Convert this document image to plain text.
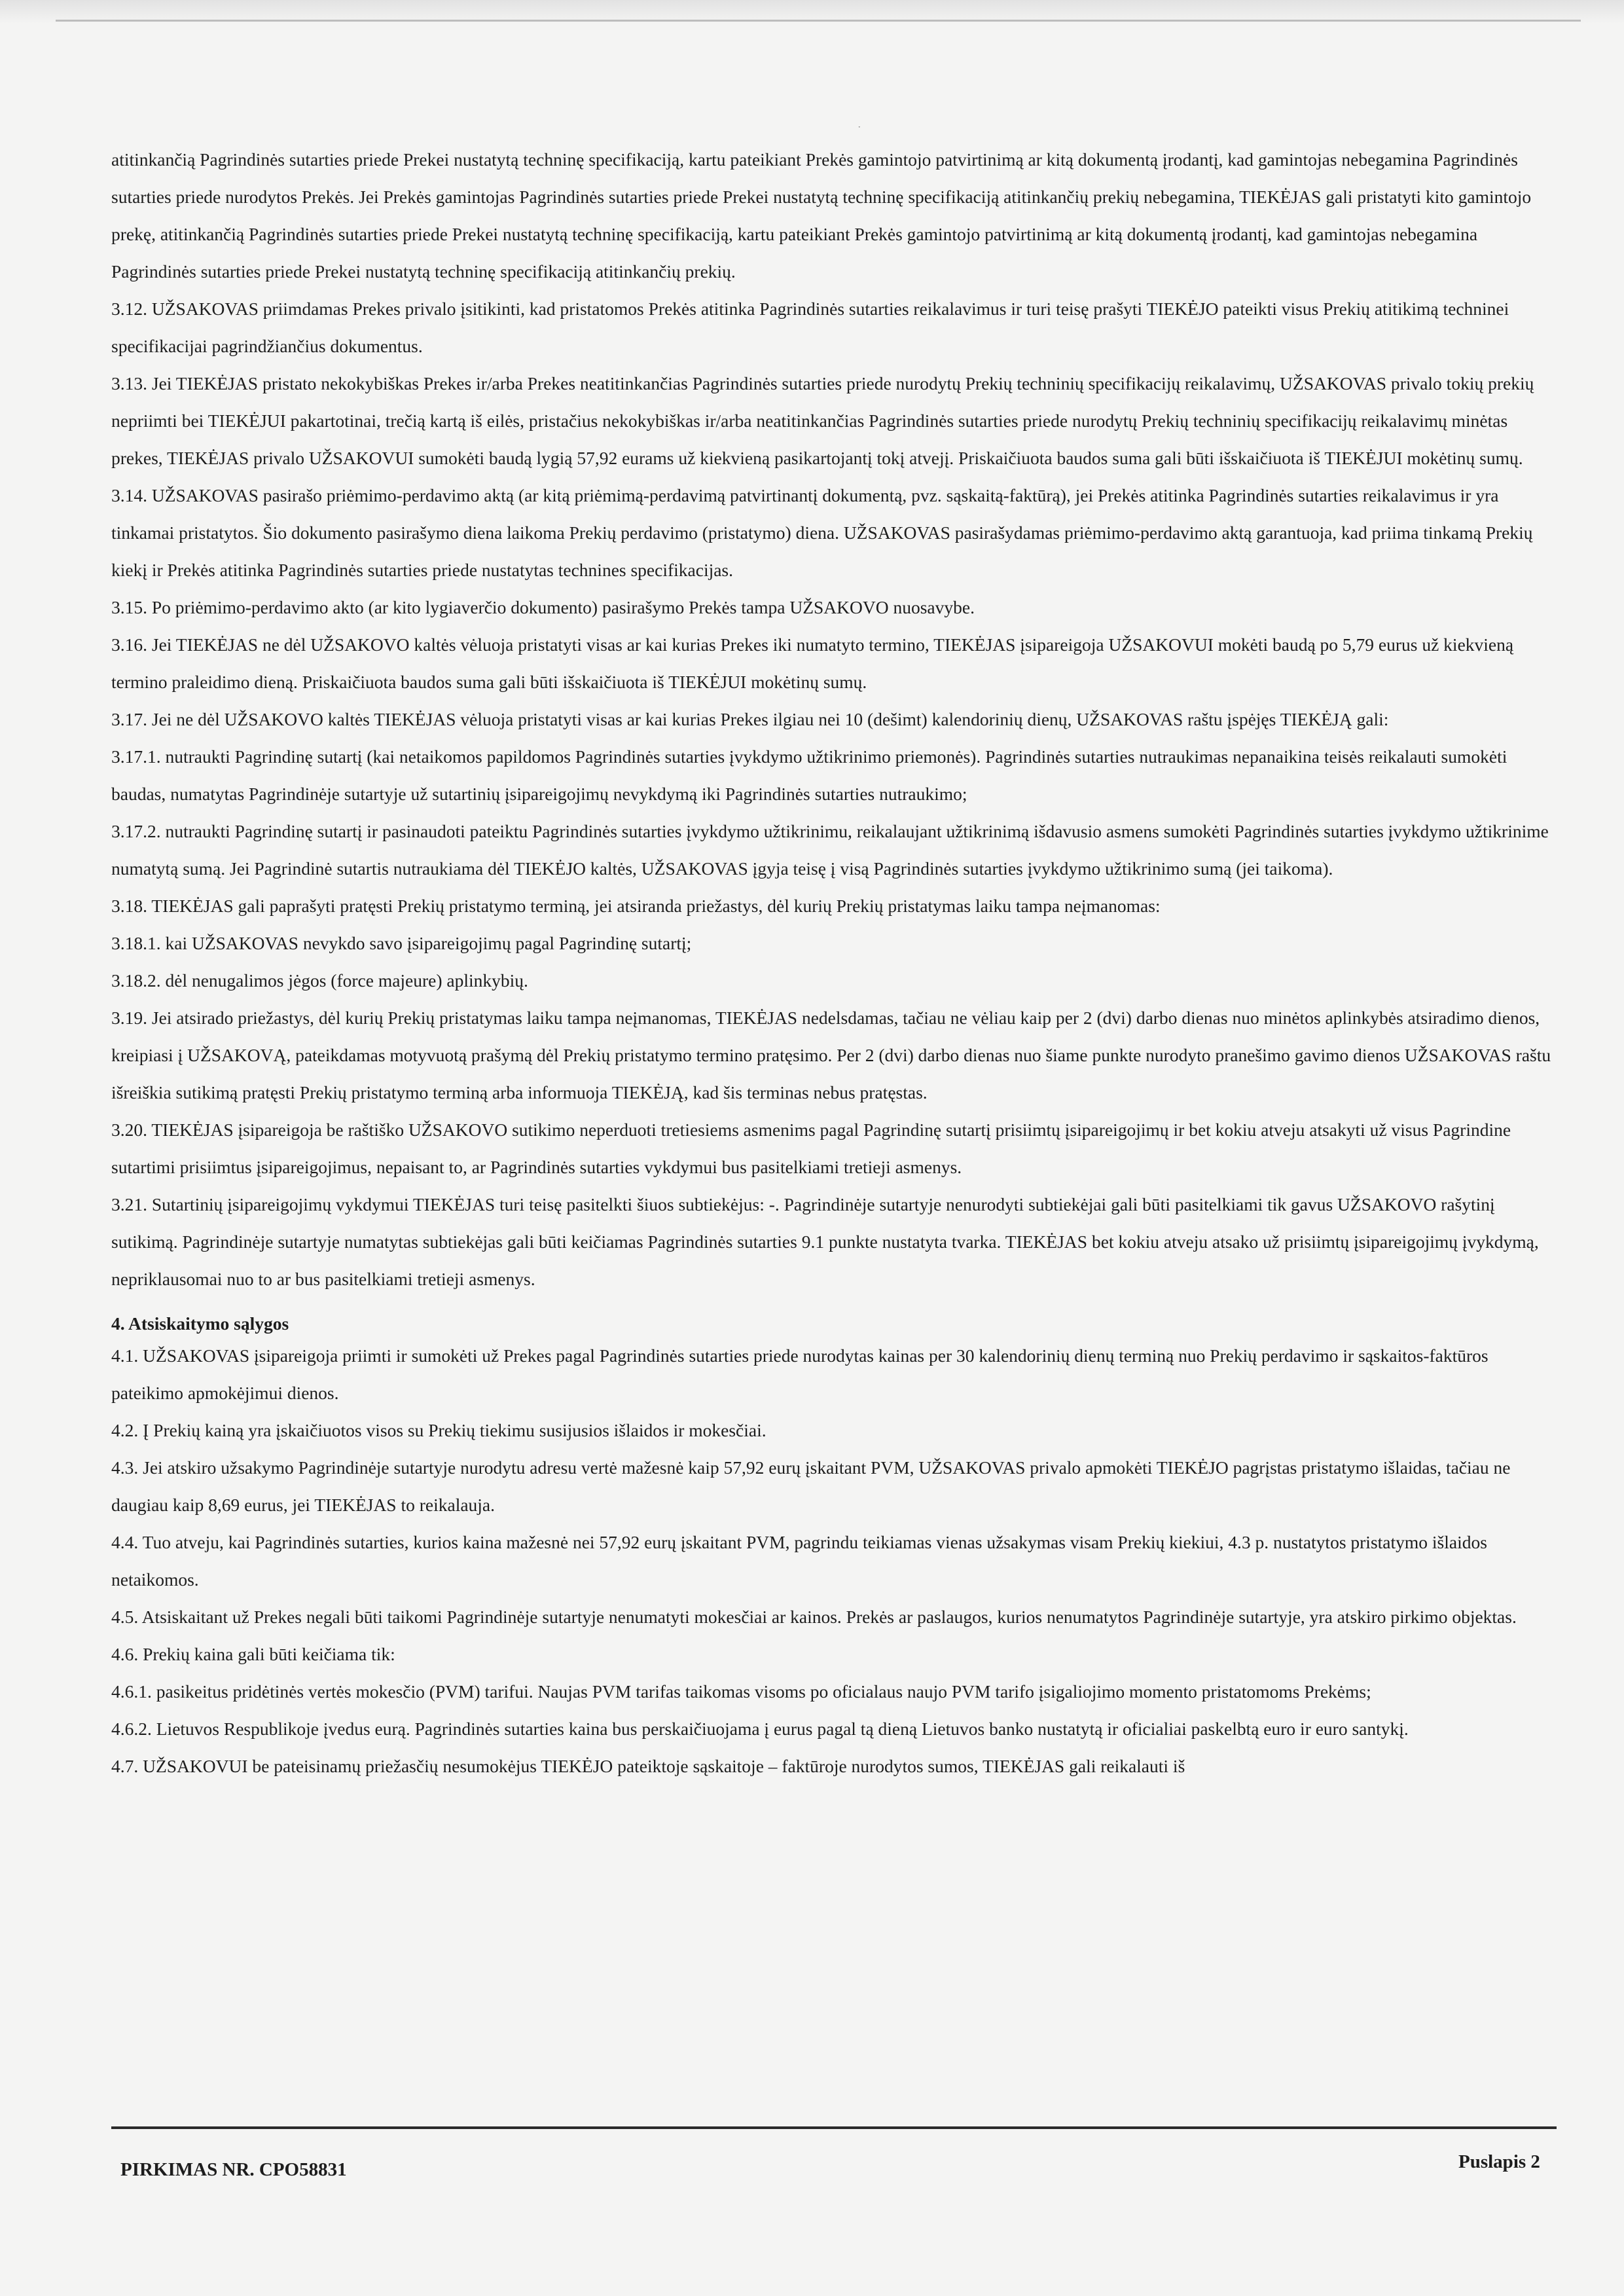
ˑ

atitinkančią Pagrindinės sutarties priede Prekei nustatytą techninę specifikaciją, kartu pateikiant Prekės gamintojo patvirtinimą ar kitą dokumentą įrodantį, kad gamintojas nebegamina Pagrindinės sutarties priede nurodytos Prekės. Jei Prekės gamintojas Pagrindinės sutarties priede Prekei nustatytą techninę specifikaciją atitinkančių prekių nebegamina, TIEKĖJAS gali pristatyti kito gamintojo prekę, atitinkančią Pagrindinės sutarties priede Prekei nustatytą techninę specifikaciją, kartu pateikiant Prekės gamintojo patvirtinimą ar kitą dokumentą įrodantį, kad gamintojas nebegamina Pagrindinės sutarties priede Prekei nustatytą techninę specifikaciją atitinkančių prekių.

3.12. UŽSAKOVAS priimdamas Prekes privalo įsitikinti, kad pristatomos Prekės atitinka Pagrindinės sutarties reikalavimus ir turi teisę prašyti TIEKĖJO pateikti visus Prekių atitikimą techninei specifikacijai pagrindžiančius dokumentus.

3.13. Jei TIEKĖJAS pristato nekokybiškas Prekes ir/arba Prekes neatitinkančias Pagrindinės sutarties priede nurodytų Prekių techninių specifikacijų reikalavimų, UŽSAKOVAS privalo tokių prekių nepriimti bei TIEKĖJUI pakartotinai, trečią kartą iš eilės, pristačius nekokybiškas ir/arba neatitinkančias Pagrindinės sutarties priede nurodytų Prekių techninių specifikacijų reikalavimų minėtas prekes, TIEKĖJAS privalo UŽSAKOVUI sumokėti baudą lygią 57,92 eurams už kiekvieną pasikartojantį tokį atvejį. Priskaičiuota baudos suma gali būti išskaičiuota iš TIEKĖJUI mokėtinų sumų.

3.14. UŽSAKOVAS pasirašo priėmimo-perdavimo aktą (ar kitą priėmimą-perdavimą patvirtinantį dokumentą, pvz. sąskaitą-faktūrą), jei Prekės atitinka Pagrindinės sutarties reikalavimus ir yra tinkamai pristatytos. Šio dokumento pasirašymo diena laikoma Prekių perdavimo (pristatymo) diena. UŽSAKOVAS pasirašydamas priėmimo-perdavimo aktą garantuoja, kad priima tinkamą Prekių kiekį ir Prekės atitinka Pagrindinės sutarties priede nustatytas technines specifikacijas.

3.15. Po priėmimo-perdavimo akto (ar kito lygiaverčio dokumento) pasirašymo Prekės tampa UŽSAKOVO nuosavybe.

3.16. Jei TIEKĖJAS ne dėl UŽSAKOVO kaltės vėluoja pristatyti visas ar kai kurias Prekes iki numatyto termino, TIEKĖJAS įsipareigoja UŽSAKOVUI mokėti baudą po 5,79 eurus už kiekvieną termino praleidimo dieną. Priskaičiuota baudos suma gali būti išskaičiuota iš TIEKĖJUI mokėtinų sumų.

3.17. Jei ne dėl UŽSAKOVO kaltės TIEKĖJAS vėluoja pristatyti visas ar kai kurias Prekes ilgiau nei 10 (dešimt) kalendorinių dienų, UŽSAKOVAS raštu įspėjęs TIEKĖJĄ gali:

3.17.1. nutraukti Pagrindinę sutartį (kai netaikomos papildomos Pagrindinės sutarties įvykdymo užtikrinimo priemonės). Pagrindinės sutarties nutraukimas nepanaikina teisės reikalauti sumokėti baudas, numatytas Pagrindinėje sutartyje už sutartinių įsipareigojimų nevykdymą iki Pagrindinės sutarties nutraukimo;

3.17.2. nutraukti Pagrindinę sutartį ir pasinaudoti pateiktu Pagrindinės sutarties įvykdymo užtikrinimu, reikalaujant užtikrinimą išdavusio asmens sumokėti Pagrindinės sutarties įvykdymo užtikrinime numatytą sumą. Jei Pagrindinė sutartis nutraukiama dėl TIEKĖJO kaltės, UŽSAKOVAS įgyja teisę į visą Pagrindinės sutarties įvykdymo užtikrinimo sumą (jei taikoma).

3.18. TIEKĖJAS gali paprašyti pratęsti Prekių pristatymo terminą, jei atsiranda priežastys, dėl kurių Prekių pristatymas laiku tampa neįmanomas:

3.18.1. kai UŽSAKOVAS nevykdo savo įsipareigojimų pagal Pagrindinę sutartį;

3.18.2. dėl nenugalimos jėgos (force majeure) aplinkybių.

3.19. Jei atsirado priežastys, dėl kurių Prekių pristatymas laiku tampa neįmanomas, TIEKĖJAS nedelsdamas, tačiau ne vėliau kaip per 2 (dvi) darbo dienas nuo minėtos aplinkybės atsiradimo dienos, kreipiasi į UŽSAKOVĄ, pateikdamas motyvuotą prašymą dėl Prekių pristatymo termino pratęsimo. Per 2 (dvi) darbo dienas nuo šiame punkte nurodyto pranešimo gavimo dienos UŽSAKOVAS raštu išreiškia sutikimą pratęsti Prekių pristatymo terminą arba informuoja TIEKĖJĄ, kad šis terminas nebus pratęstas.

3.20. TIEKĖJAS įsipareigoja be raštiško UŽSAKOVO sutikimo neperduoti tretiesiems asmenims pagal Pagrindinę sutartį prisiimtų įsipareigojimų ir bet kokiu atveju atsakyti už visus Pagrindine sutartimi prisiimtus įsipareigojimus, nepaisant to, ar Pagrindinės sutarties vykdymui bus pasitelkiami tretieji asmenys.

3.21. Sutartinių įsipareigojimų vykdymui TIEKĖJAS turi teisę pasitelkti šiuos subtiekėjus: -. Pagrindinėje sutartyje nenurodyti subtiekėjai gali būti pasitelkiami tik gavus UŽSAKOVO rašytinį sutikimą. Pagrindinėje sutartyje numatytas subtiekėjas gali būti keičiamas Pagrindinės sutarties 9.1 punkte nustatyta tvarka. TIEKĖJAS bet kokiu atveju atsako už prisiimtų įsipareigojimų įvykdymą, nepriklausomai nuo to ar bus pasitelkiami tretieji asmenys.

4. Atsiskaitymo sąlygos

4.1. UŽSAKOVAS įsipareigoja priimti ir sumokėti už Prekes pagal Pagrindinės sutarties priede nurodytas kainas per 30 kalendorinių dienų terminą nuo Prekių perdavimo ir sąskaitos-faktūros pateikimo apmokėjimui dienos.

4.2. Į Prekių kainą yra įskaičiuotos visos su Prekių tiekimu susijusios išlaidos ir mokesčiai.

4.3. Jei atskiro užsakymo Pagrindinėje sutartyje nurodytu adresu vertė mažesnė kaip 57,92 eurų įskaitant PVM, UŽSAKOVAS privalo apmokėti TIEKĖJO pagrįstas pristatymo išlaidas, tačiau ne daugiau kaip 8,69 eurus, jei TIEKĖJAS to reikalauja.

4.4. Tuo atveju, kai Pagrindinės sutarties, kurios kaina mažesnė nei 57,92 eurų įskaitant PVM, pagrindu teikiamas vienas užsakymas visam Prekių kiekiui, 4.3 p. nustatytos pristatymo išlaidos netaikomos.

4.5. Atsiskaitant už Prekes negali būti taikomi Pagrindinėje sutartyje nenumatyti mokesčiai ar kainos. Prekės ar paslaugos, kurios nenumatytos Pagrindinėje sutartyje, yra atskiro pirkimo objektas.

4.6. Prekių kaina gali būti keičiama tik:

4.6.1. pasikeitus pridėtinės vertės mokesčio (PVM) tarifui. Naujas PVM tarifas taikomas visoms po oficialaus naujo PVM tarifo įsigaliojimo momento pristatomoms Prekėms;

4.6.2. Lietuvos Respublikoje įvedus eurą. Pagrindinės sutarties kaina bus perskaičiuojama į eurus pagal tą dieną Lietuvos banko nustatytą ir oficialiai paskelbtą euro ir euro santykį.

4.7. UŽSAKOVUI be pateisinamų priežasčių nesumokėjus TIEKĖJO pateiktoje sąskaitoje – faktūroje nurodytos sumos, TIEKĖJAS gali reikalauti iš

PIRKIMAS NR. CPO58831	Puslapis 2
